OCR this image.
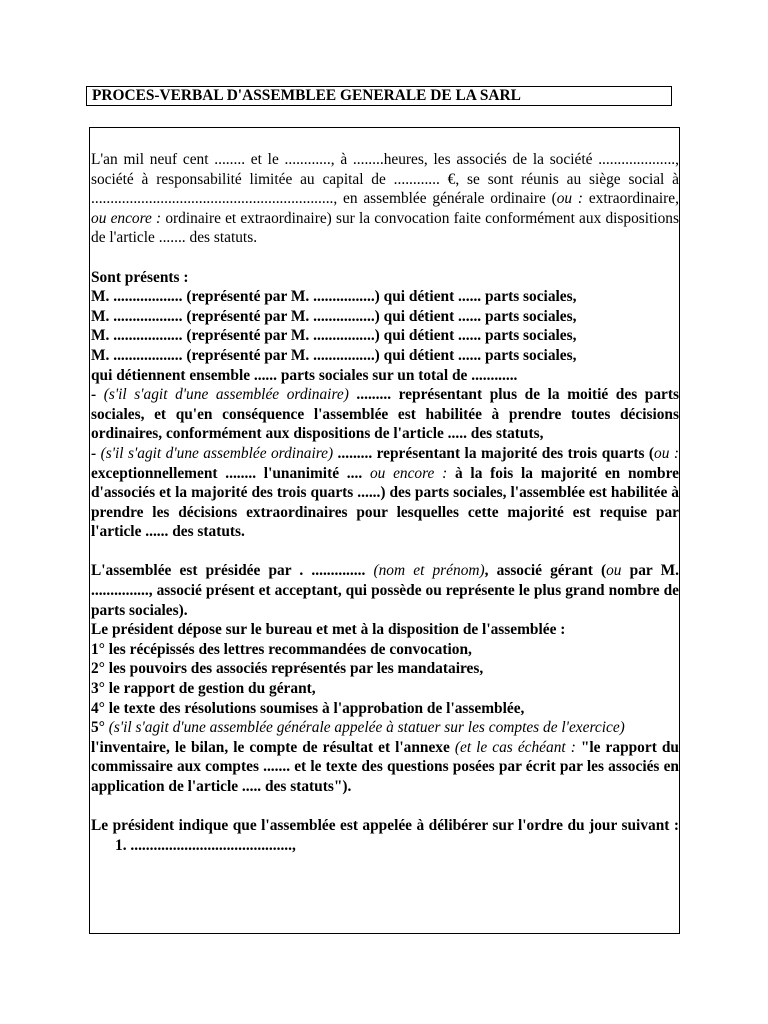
PROCES-VERBAL D'ASSEMBLEE GENERALE DE LA SARL

L'an mil neuf cent ........ et le ............, à ........heures, les associés de la société ...................., société à responsabilité limitée au capital de ............ €, se sont réunis au siège social à ..............................................................., en assemblée générale ordinaire (ou : extraordinaire, ou encore : ordinaire et extraordinaire) sur la convocation faite conformément aux dispositions de l'article ....... des statuts.

Sont présents :

M. .................. (représenté par M. ................) qui détient ...... parts sociales,

M. .................. (représenté par M. ................) qui détient ...... parts sociales,

M. .................. (représenté par M. ................) qui détient ...... parts sociales,

M. .................. (représenté par M. ................) qui détient ...... parts sociales,

qui détiennent ensemble ...... parts sociales sur un total de ............

- (s'il s'agit d'une assemblée ordinaire) ......... représentant plus de la moitié des parts sociales, et qu'en conséquence l'assemblée est habilitée à prendre toutes décisions ordinaires, conformément aux dispositions de l'article ..... des statuts,

- (s'il s'agit d'une assemblée ordinaire) ......... représentant la majorité des trois quarts (ou : exceptionnellement ........ l'unanimité .... ou encore : à la fois la majorité en nombre d'associés et la majorité des trois quarts ......) des parts sociales, l'assemblée est habilitée à prendre les décisions extraordinaires pour lesquelles cette majorité est requise par l'article ...... des statuts.

L'assemblée est présidée par . .............. (nom et prénom), associé gérant (ou par M. ..............., associé présent et acceptant, qui possède ou représente le plus grand nombre de parts sociales).

Le président dépose sur le bureau et met à la disposition de l'assemblée :

1° les récépissés des lettres recommandées de convocation,

2° les pouvoirs des associés représentés par les mandataires,

3° le rapport de gestion du gérant,

4° le texte des résolutions soumises à l'approbation de l'assemblée,

5° (s'il s'agit d'une assemblée générale appelée à statuer sur les comptes de l'exercice)

l'inventaire, le bilan, le compte de résultat et l'annexe (et le cas échéant : "le rapport du commissaire aux comptes ....... et le texte des questions posées par écrit par les associés en application de l'article ..... des statuts").

Le président indique que l'assemblée est appelée à délibérer sur l'ordre du jour suivant :1. ..........................................,
